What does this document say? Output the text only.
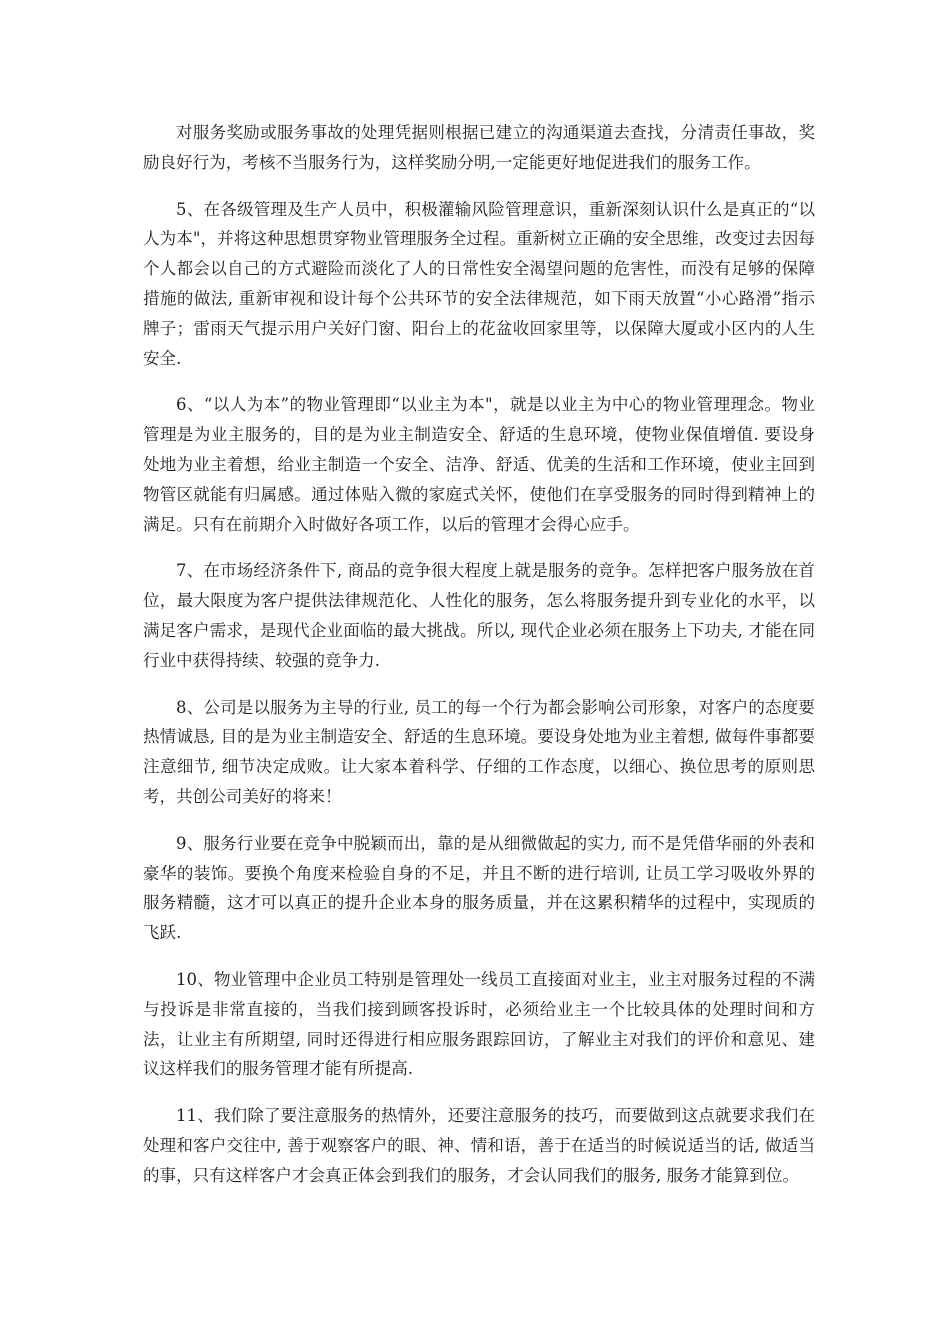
对服务奖励或服务事故的处理凭据则根据已建立的沟通渠道去查找，分清责任事故，奖励良好行为，考核不当服务行为，这样奖励分明,一定能更好地促进我们的服务工作。

5、在各级管理及生产人员中，积极灌输风险管理意识，重新深刻认识什么是真正的“以人为本"，并将这种思想贯穿物业管理服务全过程。重新树立正确的安全思维，改变过去因每个人都会以自己的方式避险而淡化了人的日常性安全渴望问题的危害性，而没有足够的保障措施的做法, 重新审视和设计每个公共环节的安全法律规范，如下雨天放置“小心路滑”指示牌子；雷雨天气提示用户关好门窗、阳台上的花盆收回家里等，以保障大厦或小区内的人生安全.

6、“以人为本”的物业管理即“以业主为本"，就是以业主为中心的物业管理理念。物业管理是为业主服务的，目的是为业主制造安全、舒适的生息环境，使物业保值增值. 要设身处地为业主着想，给业主制造一个安全、洁净、舒适、优美的生活和工作环境，使业主回到物管区就能有归属感。通过体贴入微的家庭式关怀，使他们在享受服务的同时得到精神上的满足。只有在前期介入时做好各项工作，以后的管理才会得心应手。

7、在市场经济条件下, 商品的竞争很大程度上就是服务的竞争。怎样把客户服务放在首位，最大限度为客户提供法律规范化、人性化的服务，怎么将服务提升到专业化的水平，以满足客户需求，是现代企业面临的最大挑战。所以, 现代企业必须在服务上下功夫, 才能在同行业中获得持续、较强的竞争力.

8、公司是以服务为主导的行业, 员工的每一个行为都会影响公司形象，对客户的态度要热情诚恳, 目的是为业主制造安全、舒适的生息环境。要设身处地为业主着想, 做每件事都要注意细节, 细节决定成败。让大家本着科学、仔细的工作态度，以细心、换位思考的原则思考，共创公司美好的将来！

9、服务行业要在竞争中脱颖而出，靠的是从细微做起的实力, 而不是凭借华丽的外表和豪华的装饰。要换个角度来检验自身的不足，并且不断的进行培训, 让员工学习吸收外界的服务精髓，这才可以真正的提升企业本身的服务质量，并在这累积精华的过程中，实现质的飞跃.

10、物业管理中企业员工特别是管理处一线员工直接面对业主，业主对服务过程的不满与投诉是非常直接的，当我们接到顾客投诉时，必须给业主一个比较具体的处理时间和方法，让业主有所期望, 同时还得进行相应服务跟踪回访，了解业主对我们的评价和意见、建议这样我们的服务管理才能有所提高.

11、我们除了要注意服务的热情外，还要注意服务的技巧，而要做到这点就要求我们在处理和客户交往中, 善于观察客户的眼、神、情和语，善于在适当的时候说适当的话, 做适当的事，只有这样客户才会真正体会到我们的服务，才会认同我们的服务, 服务才能算到位。
